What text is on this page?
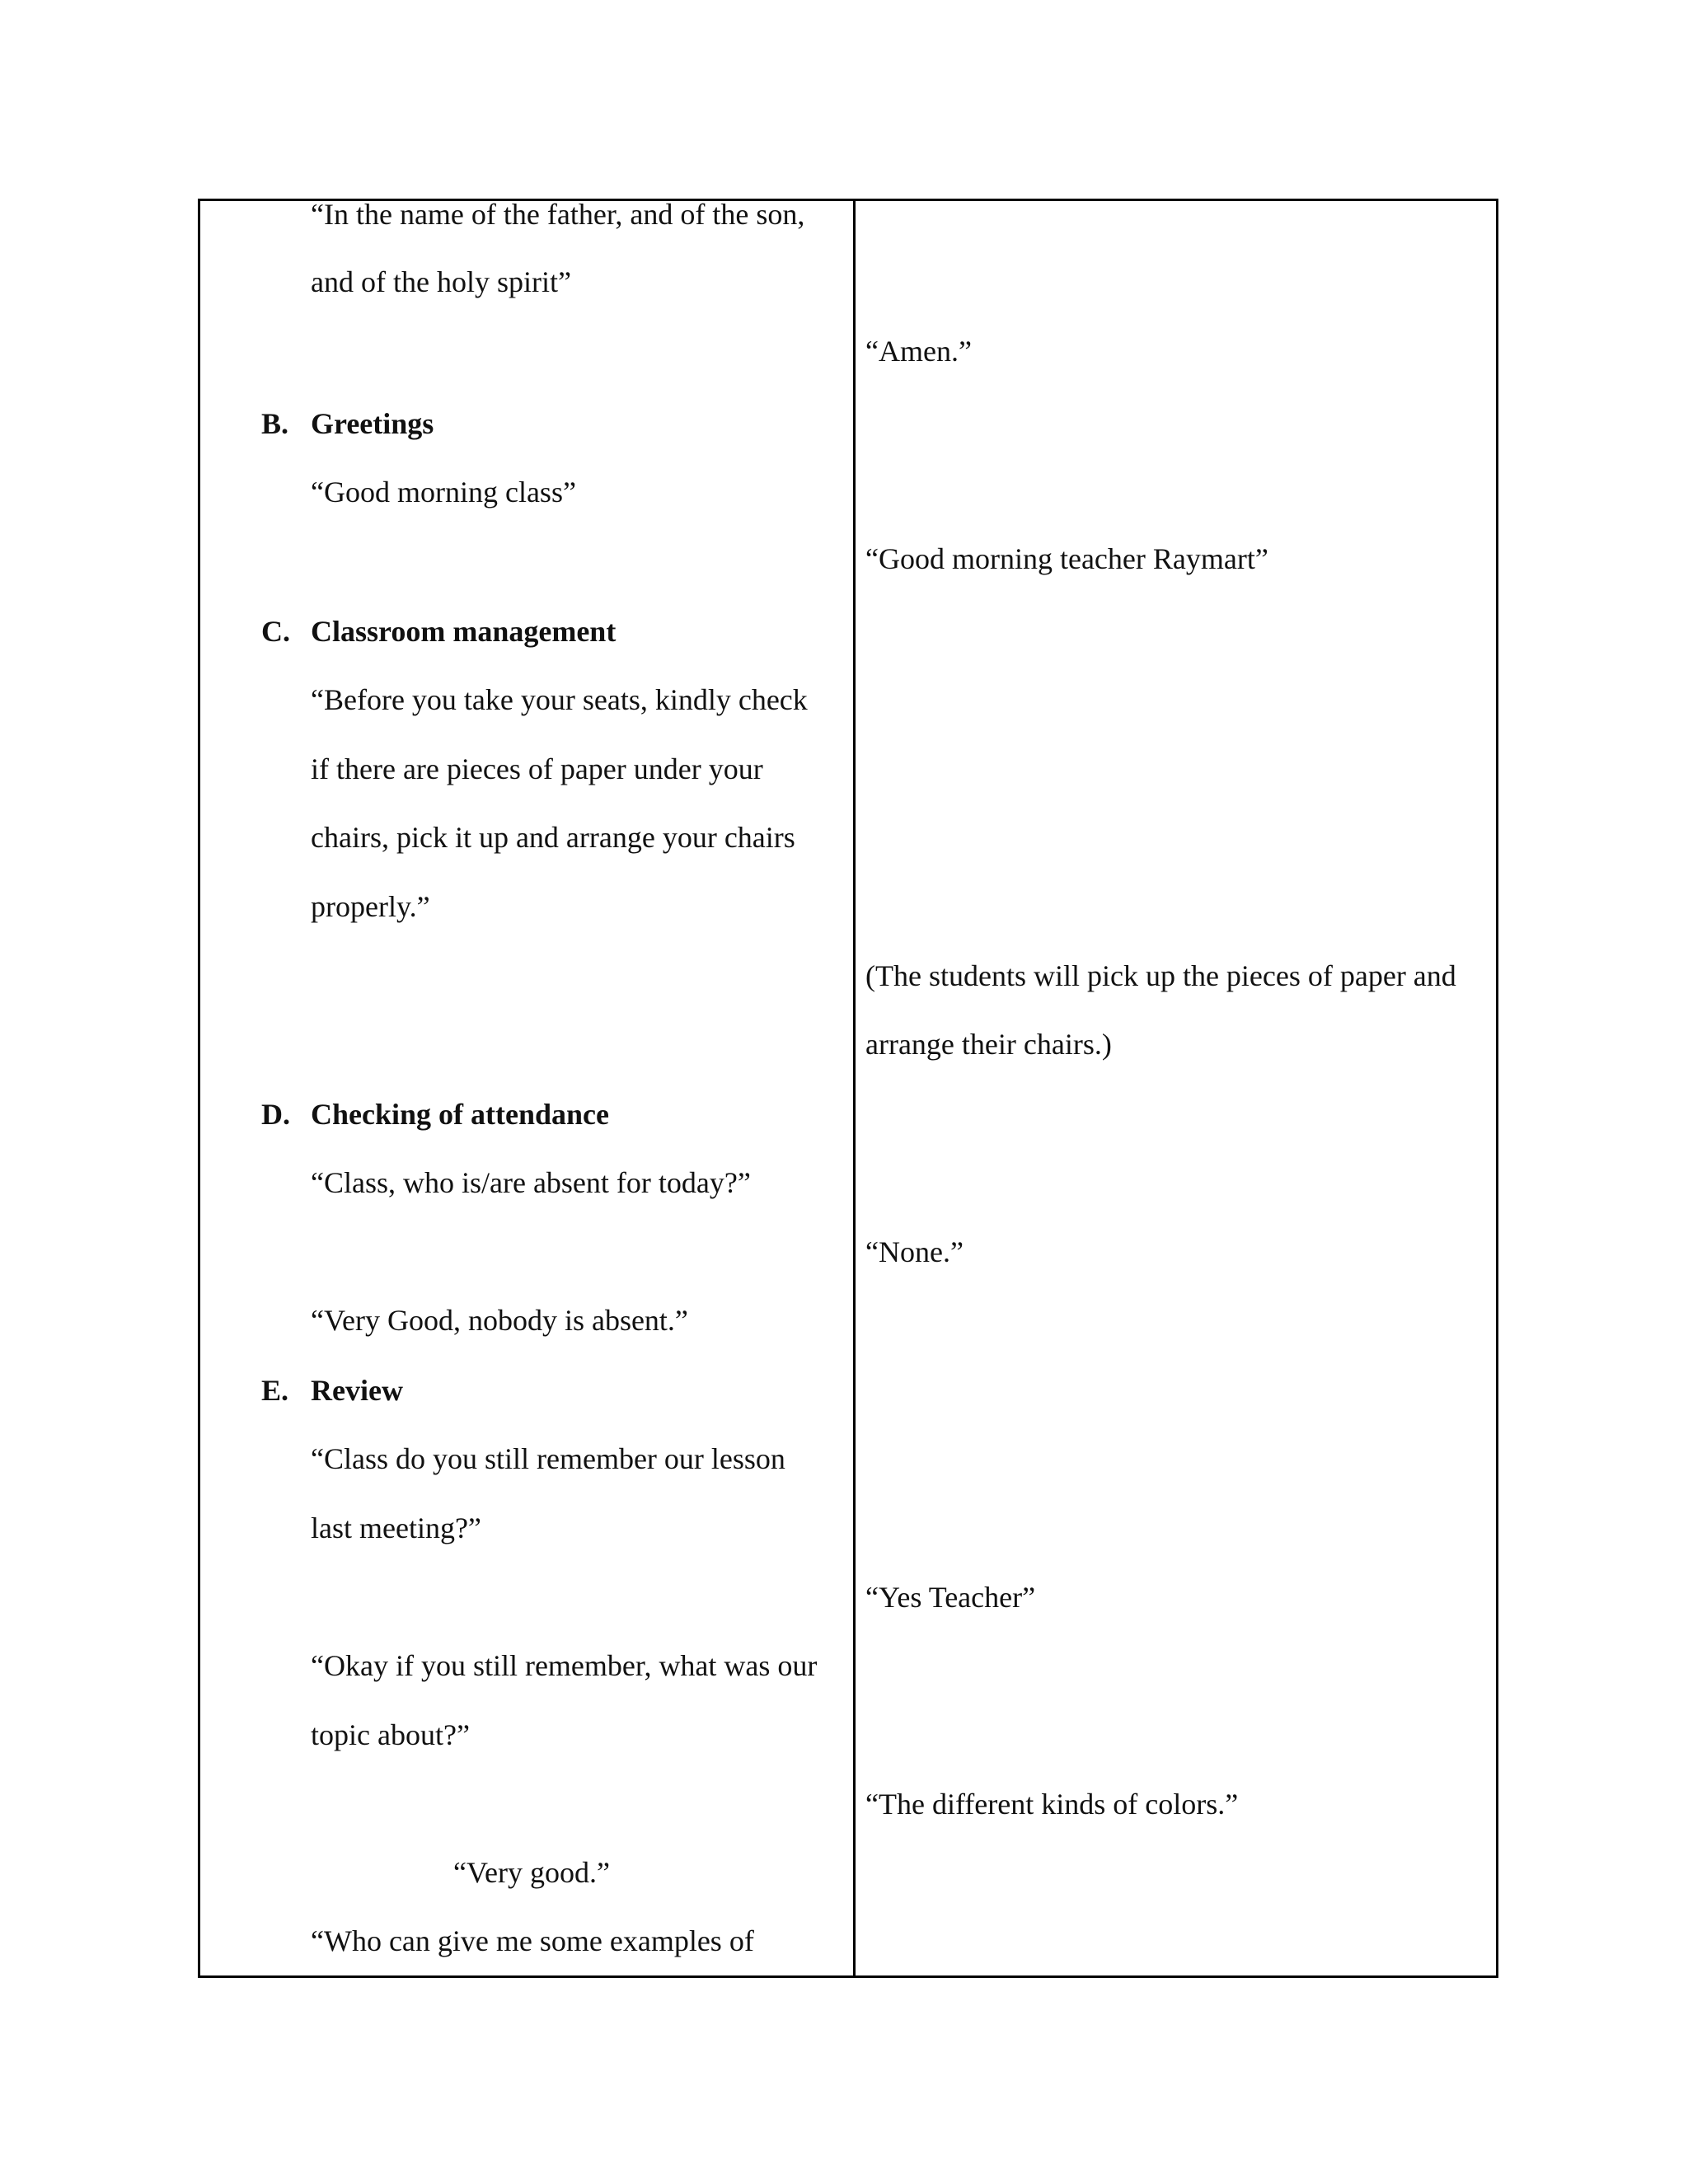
“In the name of the father, and of the son,
and of the holy spirit”
B. Greetings
“Good morning class”
C. Classroom management
“Before you take your seats, kindly check
if there are pieces of paper under your
chairs, pick it up and arrange your chairs
properly.”
D. Checking of attendance
“Class, who is/are absent for today?”
“Very Good, nobody is absent.”
E. Review
“Class do you still remember our lesson
last meeting?”
“Okay if you still remember, what was our
topic about?”
“Very good.”
“Who can give me some examples of
“Amen.”
“Good morning teacher Raymart”
(The students will pick up the pieces of paper and
arrange their chairs.)
“None.”
“Yes Teacher”
“The different kinds of colors.”
